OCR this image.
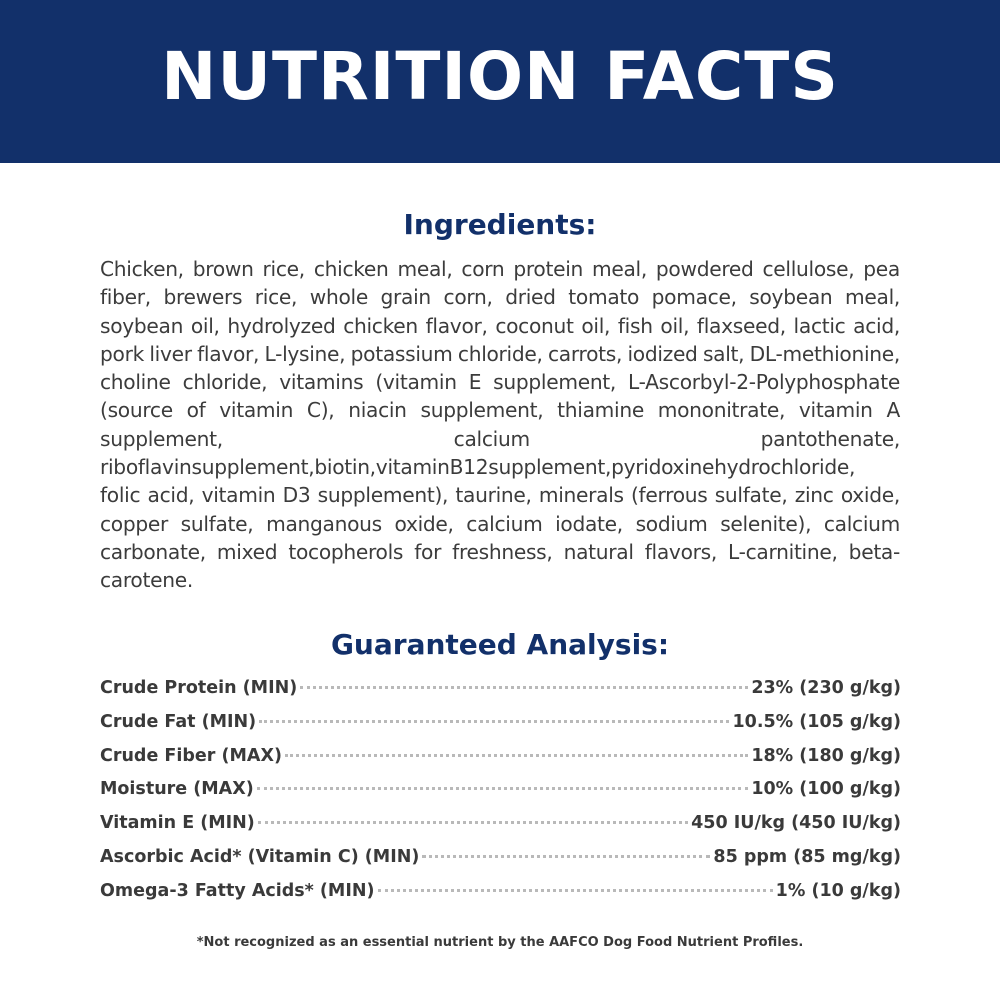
NUTRITION FACTS
Ingredients:
Chicken, brown rice, chicken meal, corn protein meal, powdered cellulose, pea fiber, brewers rice, whole grain corn, dried tomato pomace, soybean meal, soybean oil, hydrolyzed chicken flavor, coconut oil, fish oil, flaxseed, lactic acid, pork liver flavor, L-lysine, potassium chloride, carrots, iodized salt, DL-methionine, choline chloride, vitamins (vitamin E supplement, L-Ascorbyl-2-Polyphosphate (source of vitamin C), niacin supplement, thiamine mononitrate, vitamin A supplement, calcium pantothenate, riboflavinsupplement,biotin,vitaminB12supplement,pyridoxinehydrochloride, folic acid, vitamin D3 supplement), taurine, minerals (ferrous sulfate, zinc oxide, copper sulfate, manganous oxide, calcium iodate, sodium selenite), calcium carbonate, mixed tocopherols for freshness, natural flavors, L-carnitine, beta-carotene.
Guaranteed Analysis:
Crude Protein (MIN)	23% (230 g/kg)
Crude Fat (MIN)	10.5% (105 g/kg)
Crude Fiber (MAX)	18% (180 g/kg)
Moisture (MAX)	10% (100 g/kg)
Vitamin E (MIN)	450 IU/kg (450 IU/kg)
Ascorbic Acid* (Vitamin C) (MIN)	85 ppm (85 mg/kg)
Omega-3 Fatty Acids* (MIN)	1% (10 g/kg)
*Not recognized as an essential nutrient by the AAFCO Dog Food Nutrient Profiles.
